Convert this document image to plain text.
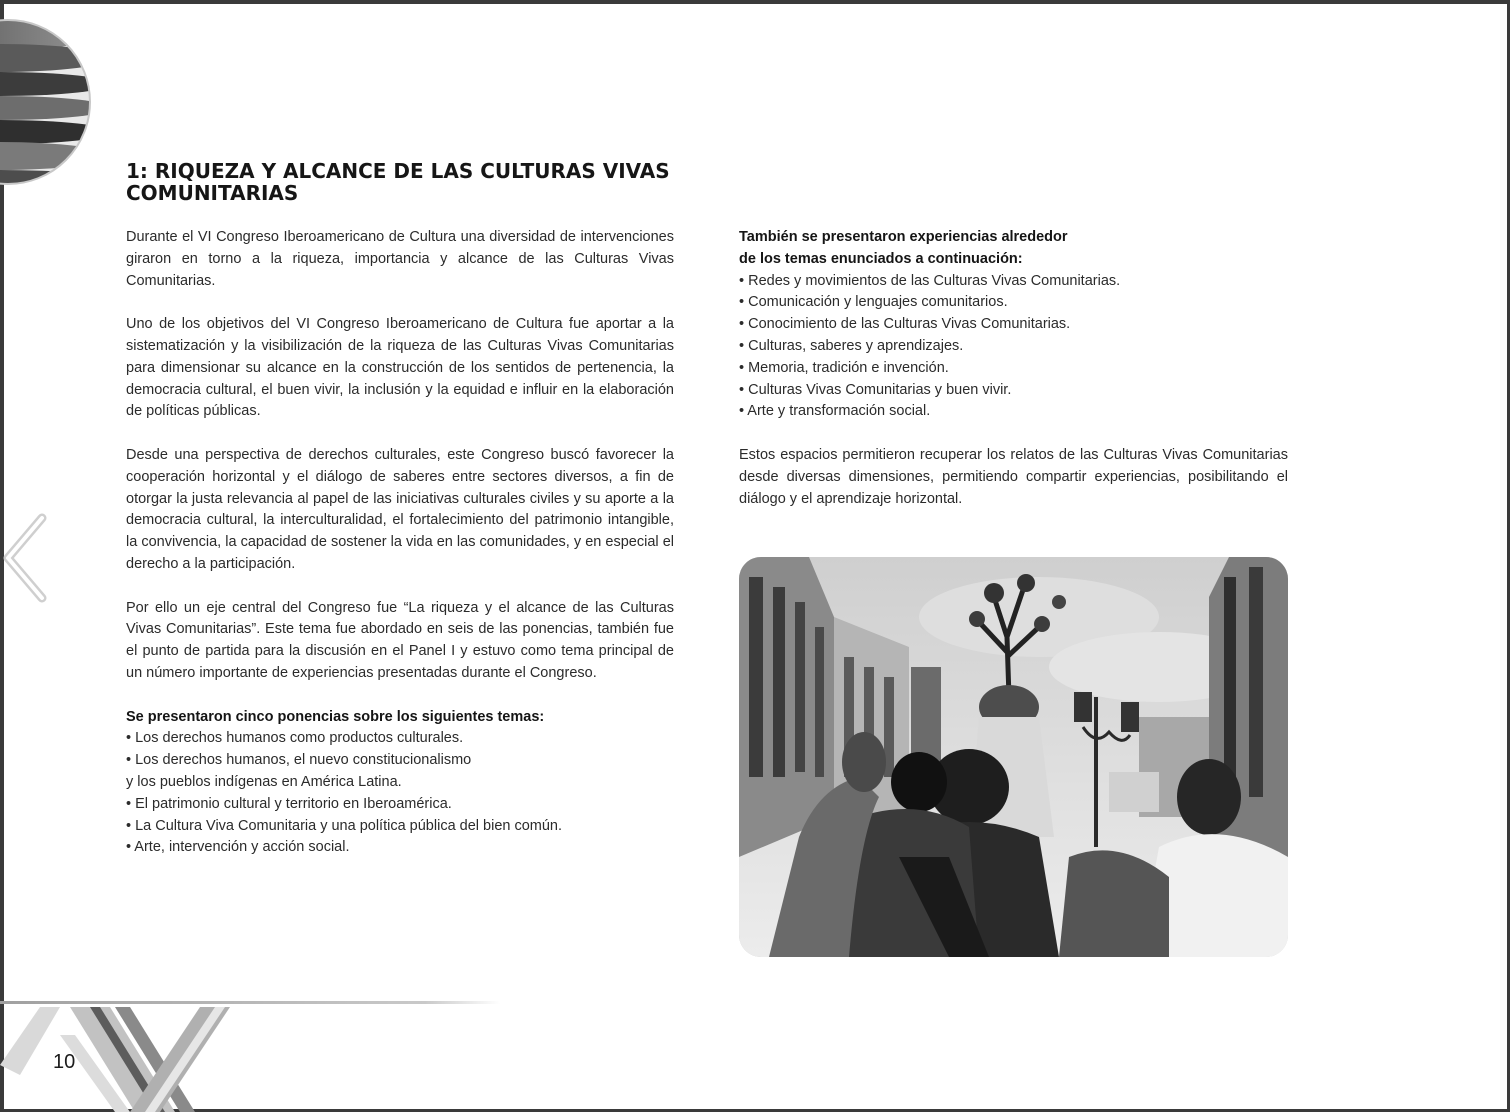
1: RIQUEZA Y ALCANCE DE LAS CULTURAS VIVAS COMUNITARIAS

Durante el VI Congreso Iberoamericano de Cultura una diversidad de intervenciones giraron en torno a la riqueza, importancia y alcance de las Culturas Vivas Comunitarias.

Uno de los objetivos del VI Congreso Iberoamericano de Cultura fue aportar a la sistematización y la visibilización de la riqueza de las Culturas Vivas Comunitarias para dimensionar su alcance en la construcción de los sentidos de pertenencia, la democracia cultural, el buen vivir, la inclusión y la equidad e influir en la elaboración de políticas públicas.

Desde una perspectiva de derechos culturales, este Congreso buscó favorecer la cooperación horizontal y el diálogo de saberes entre sectores diversos, a fin de otorgar la justa relevancia al papel de las iniciativas culturales civiles y su aporte a la democracia cultural, la interculturalidad, el fortalecimiento del patrimonio intangible, la convivencia, la capacidad de sostener la vida en las comunidades, y en especial el derecho a la participación.

Por ello un eje central del Congreso fue “La riqueza y el alcance de las Culturas Vivas Comunitarias”. Este tema fue abordado en seis de las ponencias, también fue el punto de partida para la discusión en el Panel I y estuvo como tema principal de un número importante de experiencias presentadas durante el Congreso.

Se presentaron cinco ponencias sobre los siguientes temas:
• Los derechos humanos como productos culturales.
• Los derechos humanos, el nuevo constitucionalismo
y los pueblos indígenas en América Latina.
• El patrimonio cultural y territorio en Iberoamérica.
• La Cultura Viva Comunitaria y una política pública del bien común.
• Arte, intervención y acción social.
También se presentaron experiencias alrededor
de los temas enunciados a continuación:
• Redes y movimientos de las Culturas Vivas Comunitarias.
• Comunicación y lenguajes comunitarios.
• Conocimiento de las Culturas Vivas Comunitarias.
• Culturas, saberes y aprendizajes.
• Memoria, tradición e invención.
• Culturas Vivas Comunitarias y buen vivir.
• Arte y transformación social.

Estos espacios permitieron recuperar los relatos de las Culturas Vivas Comunitarias desde diversas dimensiones, permitiendo compartir experiencias, posibilitando el diálogo y el aprendizaje horizontal.

10
